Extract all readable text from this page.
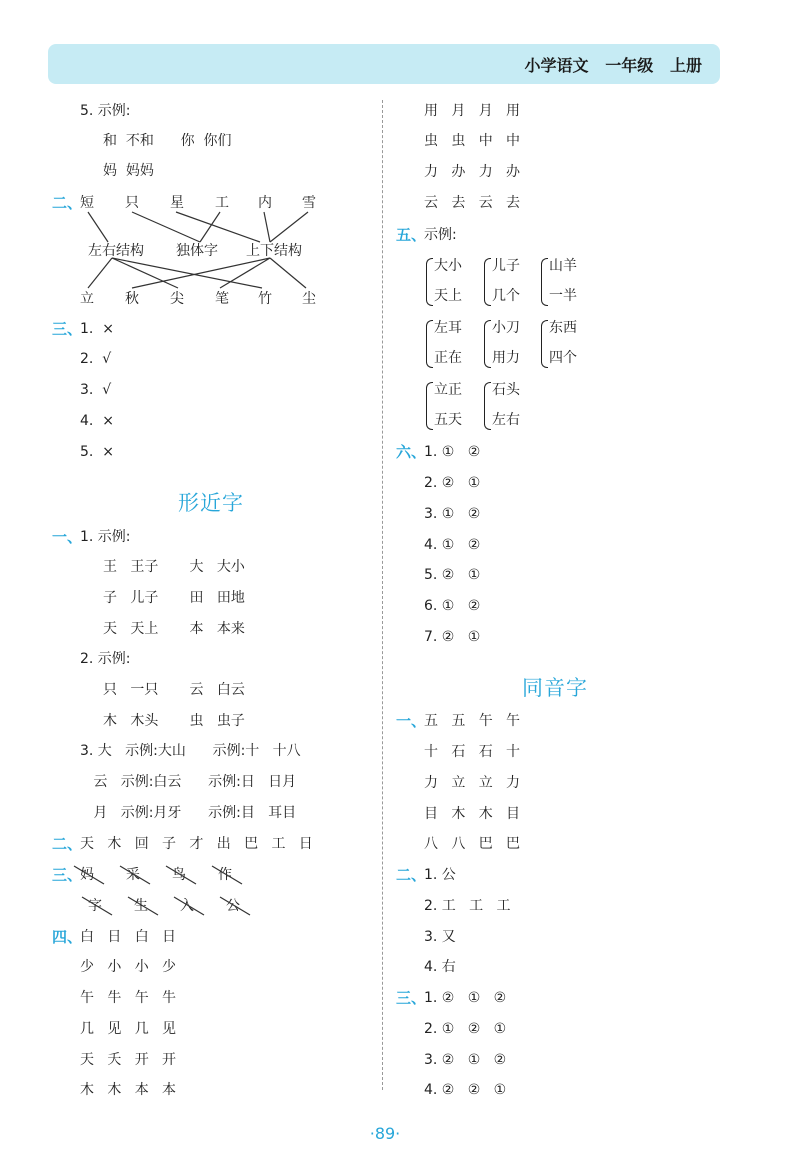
小学语文 一年级 上册
5. 示例:
和  不和      你  你们
妈  妈妈
二、
短 只 星 工 内 雪
左右结构 独体字 上下结构
立 秋 尖 笔 竹 尘
三、
1.  ×
2.  √
3.  √
4.  ×
5.  ×
形近字
一、
1. 示例:
王   王子       大   大小
子   儿子       田   田地
天   天上       本   本来
2. 示例:
只   一只       云   白云
木   木头       虫   虫子
3. 大   示例:大山      示例:十   十八
云   示例:白云      示例:日   日月
月   示例:月牙      示例:目   耳目
二、
天   木   回   子   才   出   巴   工   日
三、
妈 采 鸟 作
字 生 入 公
四、
白   日   白   日
少   小   小   少
午   牛   午   牛
几   见   几   见
天   夭   开   开
木   木   本   本
用   月   月   用
虫   虫   中   中
力   办   力   办
云   去   云   去
五、
示例:
大小
天上
儿子
几个
山羊
一半
左耳
正在
小刀
用力
东西
四个
立正
五天
石头
左右
六、
1. ①   ②
2. ②   ①
3. ①   ②
4. ①   ②
5. ②   ①
6. ①   ②
7. ②   ①
同音字
一、
五   五   午   午
十   石   石   十
力   立   立   力
目   木   木   目
八   八   巴   巴
二、
1. 公
2. 工   工   工
3. 又
4. 右
三、
1. ②   ①   ②
2. ①   ②   ①
3. ②   ①   ②
4. ②   ②   ①
·89·
